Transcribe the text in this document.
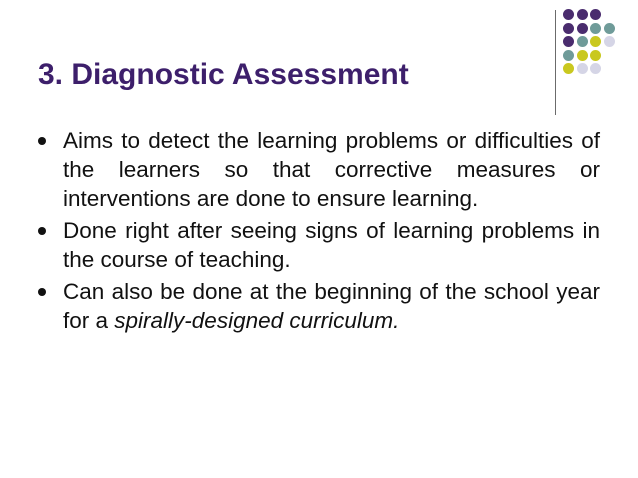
3. Diagnostic Assessment
Aims to detect the learning problems or difficulties of the learners so that corrective measures or interventions are done to ensure learning.
Done right after seeing signs of learning problems in the course of teaching.
Can also be done at the beginning of the school year for a spirally-designed curriculum.
